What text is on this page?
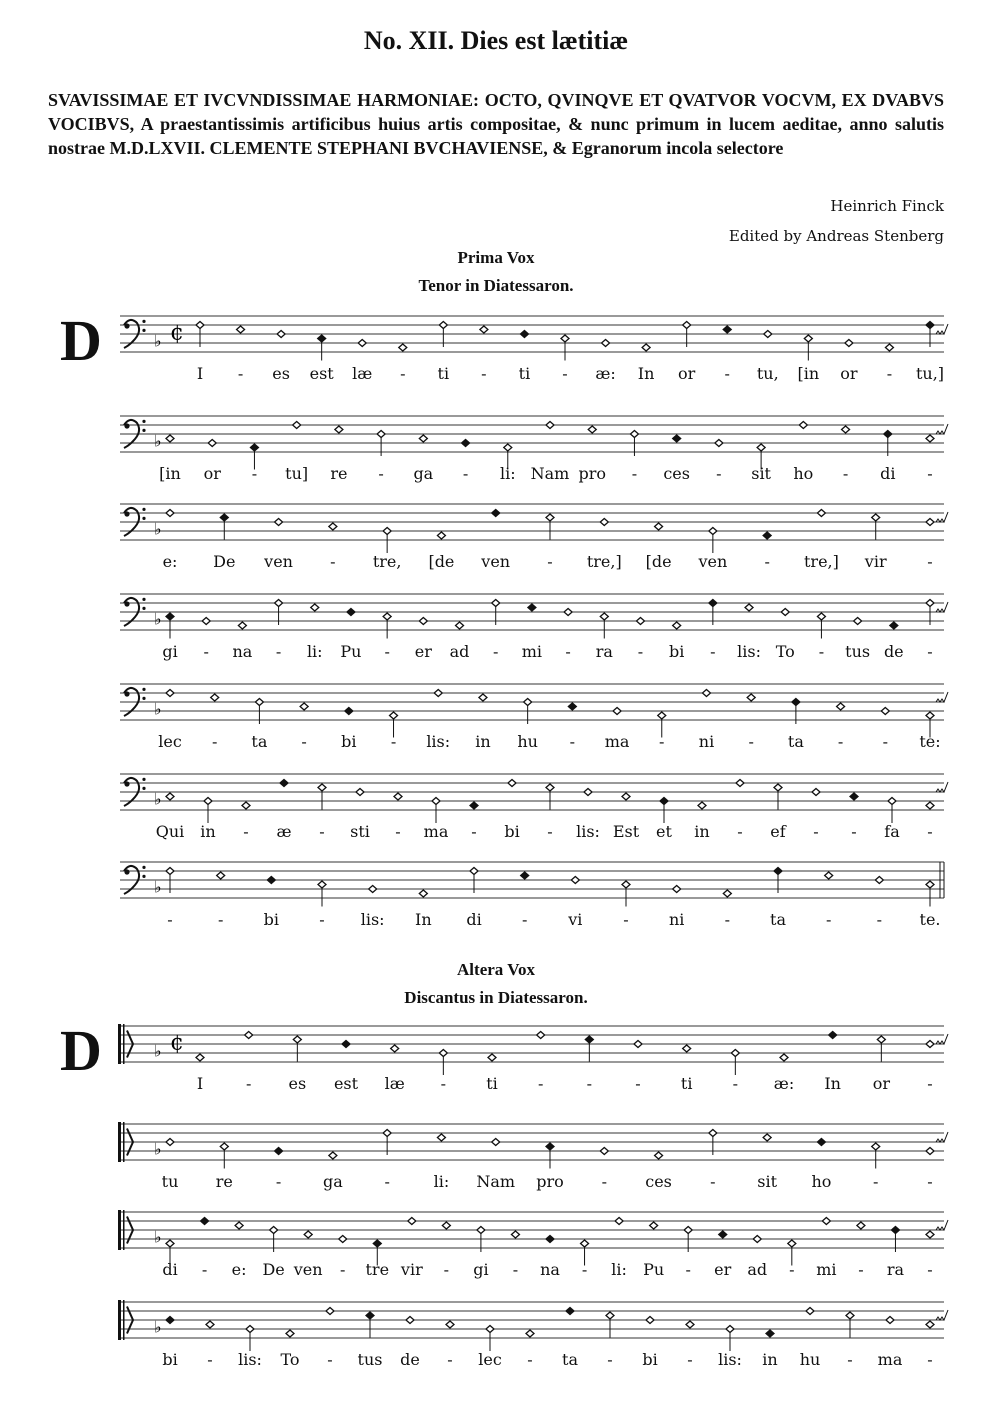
No. XII. Dies est lætitiæ
SVAVISSIMAE ET IVCVNDISSIMAE HARMONIAE: OCTO, QVINQVE ET QVATVOR VOCVM, EX DVABVS VOCIBVS, A praestantissimis artificibus huius artis compositae, & nunc primum in lucem aeditae, anno salutis nostrae M.D.LXVII. CLEMENTE STEPHANI BVCHAVIENSE, & Egranorum incola selectore
Heinrich Finck
Edited by Andreas Stenberg
Prima Vox
Tenor in Diatessaron.
D
Altera Vox
Discantus in Diatessaron.
D
♭ ¢
I - es est læ - ti - ti - æ: In or - tu, [in or - tu,]
♭
[in or - tu] re - ga - li: Nam pro - ces - sit ho - di -
♭
e: De ven - tre, [de ven - tre,] [de ven - tre,] vir	-
♭
gi - na - li: Pu - er ad - mi - ra - bi - lis: To - tus de -
♭
lec - ta - bi - lis: in hu - ma - ni - ta - - te:
♭
Qui in - æ - sti - ma - bi - lis: Est et in - ef - - fa -
♭
-	-	bi	- lis: In di	-	vi	-	ni	- ta -	- te.
♭ ¢
I	- es est læ -	ti	-	-	-	ti	- æ: In or -
♭
tu re	-	ga	-	li: Nam pro - ces -	sit ho	-	-
♭
di - e: De ven - tre vir - gi - na - li: Pu - er ad - mi - ra -
♭
bi - lis: To - tus de - lec - ta - bi - lis: in hu - ma -
